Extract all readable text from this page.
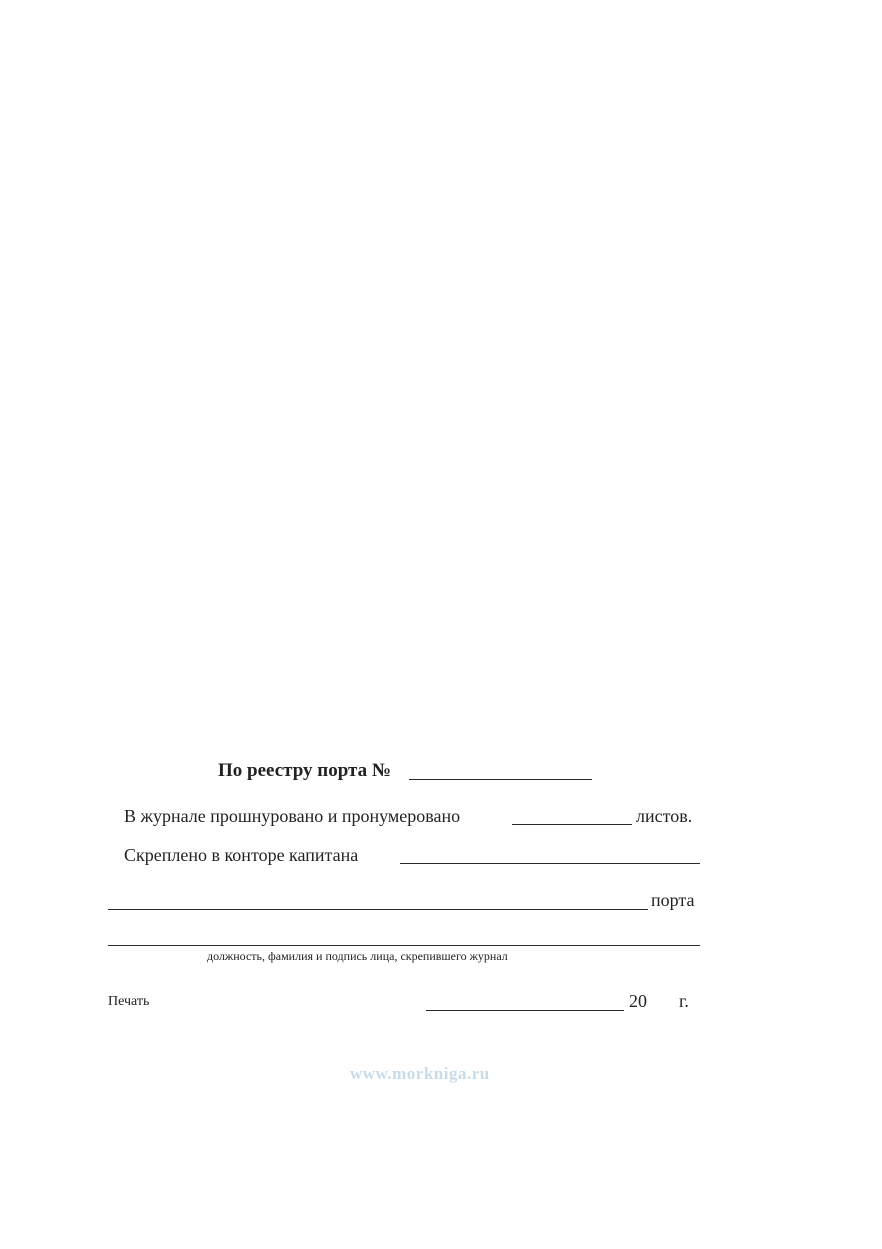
По реестру порта №
В журнале прошнуровано и пронумеровано	листов.
Скреплено в конторе капитана
порта
должность, фамилия и подпись лица, скрепившего журнал
Печать	20 г.
www.morkniga.ru
